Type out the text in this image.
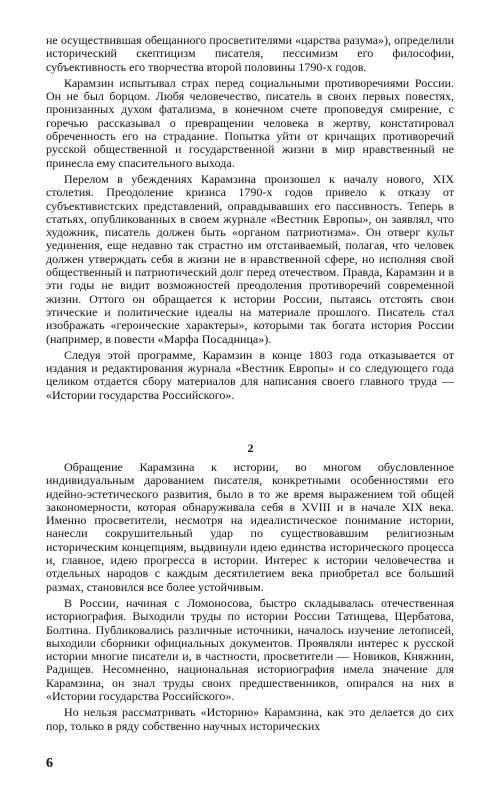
не осуществившая обещанного просветителями «царства разума»), определили исторический скептицизм писателя, пессимизм его философии, субъективность его творчества второй половины 1790-х годов.

Карамзин испытывал страх перед социальными противоречиями России. Он не был борцом. Любя человечество, писатель в своих первых повестях, пронизанных духом фатализма, в конечном счете проповедуя смирение, с горечью рассказывал о превращении человека в жертву, констатировал обреченность его на страдание. Попытка уйти от кричащих противоречий русской общественной и государственной жизни в мир нравственный не принесла ему спасительного выхода.

Перелом в убеждениях Карамзина произошел к началу нового, XIX столетия. Преодоление кризиса 1790-х годов привело к отказу от субъективистских представлений, оправдывавших его пассивность. Теперь в статьях, опубликованных в своем журнале «Вестник Европы», он заявлял, что художник, писатель должен быть «органом патриотизма». Он отверг культ уединения, еще недавно так страстно им отстаиваемый, полагая, что человек должен утверждать себя в жизни не в нравственной сфере, но исполняя свой общественный и патриотический долг перед отечеством. Правда, Карамзин и в эти годы не видит возможностей преодоления противоречий современной жизни. Оттого он обращается к истории России, пытаясь отстоять свои этические и политические идеалы на материале прошлого. Писатель стал изображать «героические характеры», которыми так богата история России (например, в повести «Марфа Посадница»).

Следуя этой программе, Карамзин в конце 1803 года отказывается от издания и редактирования журнала «Вестник Европы» и со следующего года целиком отдается сбору материалов для написания своего главного труда — «Истории государства Российского».

2

Обращение Карамзина к истории, во многом обусловленное индивидуальным дарованием писателя, конкретными особенностями его идейно-эстетического развития, было в то же время выражением той общей закономерности, которая обнаруживала себя в XVIII и в начале XIX века. Именно просветители, несмотря на идеалистическое понимание истории, нанесли сокрушительный удар по существовавшим религиозным историческим концепциям, выдвинули идею единства исторического процесса и, главное, идею прогресса в истории. Интерес к истории человечества и отдельных народов с каждым десятилетием века приобретал все больший размах, становился все более устойчивым.

В России, начиная с Ломоносова, быстро складывалась отечественная историография. Выходили труды по истории России Татищева, Щербатова, Болтина. Публиковались различные источники, началось изучение летописей, выходили сборники официальных документов. Проявляли интерес к русской истории многие писатели и, в частности, просветители — Новиков, Княжнин, Радищев. Несомненно, национальная историография имела значение для Карамзина, он знал труды своих предшественников, опирался на них в «Истории государства Российского».

Но нельзя рассматривать «Историю» Карамзина, как это делается до сих пор, только в ряду собственно научных исторических

6
